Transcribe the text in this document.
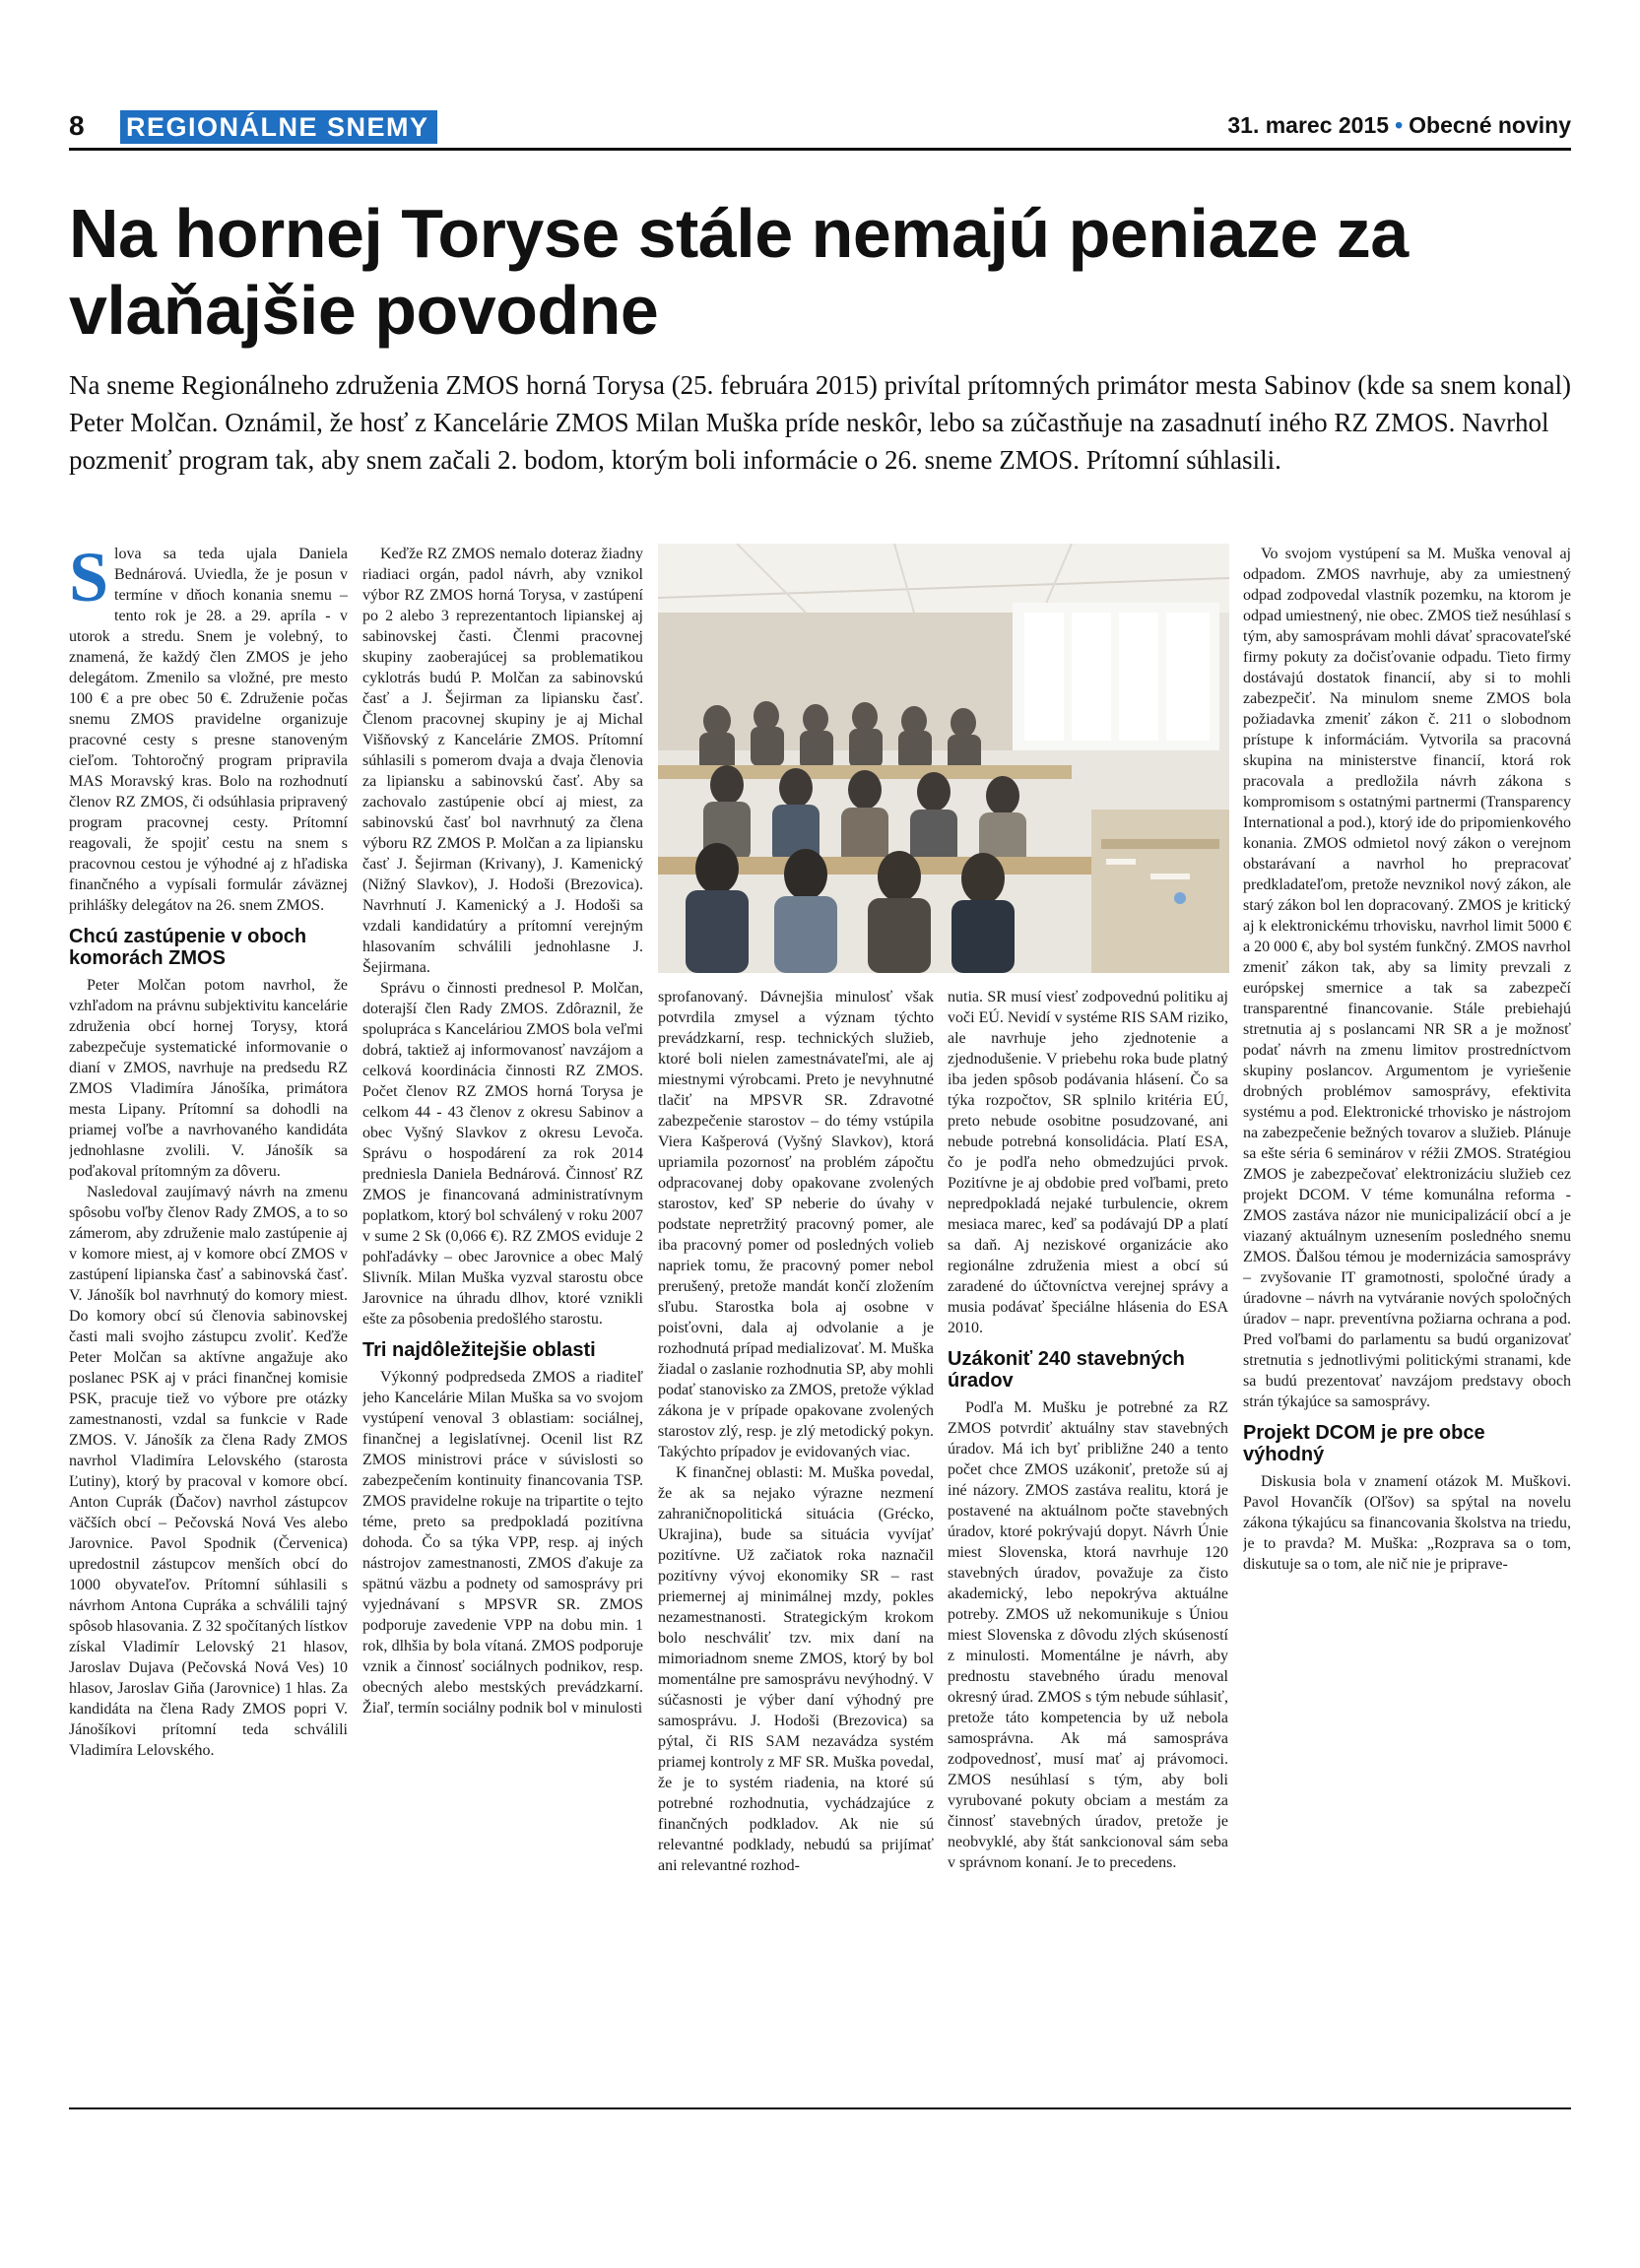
8 REGIONÁLNE SNEMY	31. marec 2015 • Obecné noviny
Na hornej Toryse stále nemajú peniaze za vlaňajšie povodne

Na sneme Regionálneho združenia ZMOS horná Torysa (25. februára 2015) privítal prítomných primátor mesta Sabinov (kde sa snem konal) Peter Molčan. Oznámil, že hosť z Kancelárie ZMOS Milan Muška príde neskôr, lebo sa zúčastňuje na zasadnutí iného RZ ZMOS. Navrhol pozmeniť program tak, aby snem začali 2. bodom, ktorým boli informácie o 26. sneme ZMOS. Prítomní súhlasili.

Slova sa teda ujala Daniela Bednárová. Uviedla, že je posun v termíne v dňoch konania snemu – tento rok je 28. a 29. apríla - v utorok a stredu. Snem je volebný, to znamená, že každý člen ZMOS je jeho delegátom. Zmenilo sa vložné, pre mesto 100 € a pre obec 50 €. Združenie počas snemu ZMOS pravidelne organizuje pracovné cesty s presne stanoveným cieľom. Tohtoročný program pripravila MAS Moravský kras. Bolo na rozhodnutí členov RZ ZMOS, či odsúhlasia pripravený program pracovnej cesty. Prítomní reagovali, že spojiť cestu na snem s pracovnou cestou je výhodné aj z hľadiska finančného a vypísali formulár záväznej prihlášky delegátov na 26. snem ZMOS.

Chcú zastúpenie v oboch komorách ZMOS

Peter Molčan potom navrhol, že vzhľadom na právnu subjektivitu kancelárie združenia obcí hornej Torysy, ktorá zabezpečuje systematické informovanie o dianí v ZMOS, navrhuje na predsedu RZ ZMOS Vladimíra Jánošíka, primátora mesta Lipany. Prítomní sa dohodli na priamej voľbe a navrhovaného kandidáta jednohlasne zvolili. V. Jánošík sa poďakoval prítomným za dôveru.

Nasledoval zaujímavý návrh na zmenu spôsobu voľby členov Rady ZMOS, a to so zámerom, aby združenie malo zastúpenie aj v komore miest, aj v komore obcí ZMOS v zastúpení lipianska časť a sabinovská časť. V. Jánošík bol navrhnutý do komory miest. Do komory obcí sú členovia sabinovskej časti mali svojho zástupcu zvoliť. Keďže Peter Molčan sa aktívne angažuje ako poslanec PSK aj v práci finančnej komisie PSK, pracuje tiež vo výbore pre otázky zamestnanosti, vzdal sa funkcie v Rade ZMOS. V. Jánošík za člena Rady ZMOS navrhol Vladimíra Lelovského (starosta Ľutiny), ktorý by pracoval v komore obcí. Anton Cuprák (Ďačov) navrhol zástupcov väčších obcí – Pečovská Nová Ves alebo Jarovnice. Pavol Spodnik (Červenica) upredostnil zástupcov menších obcí do 1000 obyvateľov. Prítomní súhlasili s návrhom Antona Cupráka a schválili tajný spôsob hlasovania. Z 32 spočítaných lístkov získal Vladimír Lelovský 21 hlasov, Jaroslav Dujava (Pečovská Nová Ves) 10 hlasov, Jaroslav Giňa (Jarovnice) 1 hlas. Za kandidáta na člena Rady ZMOS popri V. Jánošíkovi prítomní teda schválili Vladimíra Lelovského.

Keďže RZ ZMOS nemalo doteraz žiadny riadiaci orgán, padol návrh, aby vznikol výbor RZ ZMOS horná Torysa, v zastúpení po 2 alebo 3 reprezentantoch lipianskej aj sabinovskej časti. Členmi pracovnej skupiny zaoberajúcej sa problematikou cyklotrás budú P. Molčan za sabinovskú časť a J. Šejirman za lipiansku časť. Členom pracovnej skupiny je aj Michal Višňovský z Kancelárie ZMOS. Prítomní súhlasili s pomerom dvaja a dvaja členovia za lipiansku a sabinovskú časť. Aby sa zachovalo zastúpenie obcí aj miest, za sabinovskú časť bol navrhnutý za člena výboru RZ ZMOS P. Molčan a za lipiansku časť J. Šejirman (Krivany), J. Kamenický (Nižný Slavkov), J. Hodoši (Brezovica). Navrhnutí J. Kamenický a J. Hodoši sa vzdali kandidatúry a prítomní verejným hlasovaním schválili jednohlasne J. Šejirmana.

Správu o činnosti prednesol P. Molčan, doterajší člen Rady ZMOS. Zdôraznil, že spolupráca s Kanceláriou ZMOS bola veľmi dobrá, taktiež aj informovanosť navzájom a celková koordinácia činnosti RZ ZMOS. Počet členov RZ ZMOS horná Torysa je celkom 44 - 43 členov z okresu Sabinov a obec Vyšný Slavkov z okresu Levoča. Správu o hospodárení za rok 2014 predniesla Daniela Bednárová. Činnosť RZ ZMOS je financovaná administratívnym poplatkom, ktorý bol schválený v roku 2007 v sume 2 Sk (0,066 €). RZ ZMOS eviduje 2 pohľadávky – obec Jarovnice a obec Malý Slivník. Milan Muška vyzval starostu obce Jarovnice na úhradu dlhov, ktoré vznikli ešte za pôsobenia predošlého starostu.

Tri najdôležitejšie oblasti

Výkonný podpredseda ZMOS a riaditeľ jeho Kancelárie Milan Muška sa vo svojom vystúpení venoval 3 oblastiam: sociálnej, finančnej a legislatívnej. Ocenil list RZ ZMOS ministrovi práce v súvislosti so zabezpečením kontinuity financovania TSP. ZMOS pravidelne rokuje na tripartite o tejto téme, preto sa predpokladá pozitívna dohoda. Čo sa týka VPP, resp. aj iných nástrojov zamestnanosti, ZMOS ďakuje za spätnú väzbu a podnety od samosprávy pri vyjednávaní s MPSVR SR. ZMOS podporuje zavedenie VPP na dobu min. 1 rok, dlhšia by bola vítaná. ZMOS podporuje vznik a činnosť sociálnych podnikov, resp. obecných alebo mestských prevádzkarní. Žiaľ, termín sociálny podnik bol v minulosti

sprofanovaný. Dávnejšia minulosť však potvrdila zmysel a význam týchto prevádzkarní, resp. technických služieb, ktoré boli nielen zamestnávateľmi, ale aj miestnymi výrobcami. Preto je nevyhnutné tlačiť na MPSVR SR. Zdravotné zabezpečenie starostov – do témy vstúpila Viera Kašperová (Vyšný Slavkov), ktorá upriamila pozornosť na problém zápočtu odpracovanej doby opakovane zvolených starostov, keď SP neberie do úvahy v podstate nepretržitý pracovný pomer, ale iba pracovný pomer od posledných volieb napriek tomu, že pracovný pomer nebol prerušený, pretože mandát končí zložením sľubu. Starostka bola aj osobne v poisťovni, dala aj odvolanie a je rozhodnutá prípad medializovať. M. Muška žiadal o zaslanie rozhodnutia SP, aby mohli podať stanovisko za ZMOS, pretože výklad zákona je v prípade opakovane zvolených starostov zlý, resp. je zlý metodický pokyn. Takýchto prípadov je evidovaných viac.

K finančnej oblasti: M. Muška povedal, že ak sa nejako výrazne nezmení zahraničnopolitická situácia (Grécko, Ukrajina), bude sa situácia vyvíjať pozitívne. Už začiatok roka naznačil pozitívny vývoj ekonomiky SR – rast priemernej aj minimálnej mzdy, pokles nezamestnanosti. Strategickým krokom bolo neschváliť tzv. mix daní na mimoriadnom sneme ZMOS, ktorý by bol momentálne pre samosprávu nevýhodný. V súčasnosti je výber daní výhodný pre samosprávu. J. Hodoši (Brezovica) sa pýtal, či RIS SAM nezavádza systém priamej kontroly z MF SR. Muška povedal, že je to systém riadenia, na ktoré sú potrebné rozhodnutia, vychádzajúce z finančných podkladov. Ak nie sú relevantné podklady, nebudú sa prijímať ani relevantné rozhod-

nutia. SR musí viesť zodpovednú politiku aj voči EÚ. Nevidí v systéme RIS SAM riziko, ale navrhuje jeho zjednotenie a zjednodušenie. V priebehu roka bude platný iba jeden spôsob podávania hlásení. Čo sa týka rozpočtov, SR splnilo kritéria EÚ, preto nebude osobitne posudzované, ani nebude potrebná konsolidácia. Platí ESA, čo je podľa neho obmedzujúci prvok. Pozitívne je aj obdobie pred voľbami, preto nepredpokladá nejaké turbulencie, okrem mesiaca marec, keď sa podávajú DP a platí sa daň. Aj neziskové organizácie ako regionálne združenia miest a obcí sú zaradené do účtovníctva verejnej správy a musia podávať špeciálne hlásenia do ESA 2010.

Uzákoniť 240 stavebných úradov

Podľa M. Mušku je potrebné za RZ ZMOS potvrdiť aktuálny stav stavebných úradov. Má ich byť približne 240 a tento počet chce ZMOS uzákoniť, pretože sú aj iné názory. ZMOS zastáva realitu, ktorá je postavené na aktuálnom počte stavebných úradov, ktoré pokrývajú dopyt. Návrh Únie miest Slovenska, ktorá navrhuje 120 stavebných úradov, považuje za čisto akademický, lebo nepokrýva aktuálne potreby. ZMOS už nekomunikuje s Úniou miest Slovenska z dôvodu zlých skúseností z minulosti. Momentálne je návrh, aby prednostu stavebného úradu menoval okresný úrad. ZMOS s tým nebude súhlasiť, pretože táto kompetencia by už nebola samosprávna. Ak má samospráva zodpovednosť, musí mať aj právomoci. ZMOS nesúhlasí s tým, aby boli vyrubované pokuty obciam a mestám za činnosť stavebných úradov, pretože je neobvyklé, aby štát sankcionoval sám seba v správnom konaní. Je to precedens.

Vo svojom vystúpení sa M. Muška venoval aj odpadom. ZMOS navrhuje, aby za umiestnený odpad zodpovedal vlastník pozemku, na ktorom je odpad umiestnený, nie obec. ZMOS tiež nesúhlasí s tým, aby samosprávam mohli dávať spracovateľské firmy pokuty za dočisťovanie odpadu. Tieto firmy dostávajú dostatok financií, aby si to mohli zabezpečiť. Na minulom sneme ZMOS bola požiadavka zmeniť zákon č. 211 o slobodnom prístupe k informáciám. Vytvorila sa pracovná skupina na ministerstve financií, ktorá rok pracovala a predložila návrh zákona s kompromisom s ostatnými partnermi (Transparency International a pod.), ktorý ide do pripomienkového konania. ZMOS odmietol nový zákon o verejnom obstarávaní a navrhol ho prepracovať predkladateľom, pretože nevznikol nový zákon, ale starý zákon bol len dopracovaný. ZMOS je kritický aj k elektronickému trhovisku, navrhol limit 5000 € a 20 000 €, aby bol systém funkčný. ZMOS navrhol zmeniť zákon tak, aby sa limity prevzali z európskej smernice a tak sa zabezpečí transparentné financovanie. Stále prebiehajú stretnutia aj s poslancami NR SR a je možnosť podať návrh na zmenu limitov prostredníctvom skupiny poslancov. Argumentom je vyriešenie drobných problémov samosprávy, efektivita systému a pod. Elektronické trhovisko je nástrojom na zabezpečenie bežných tovarov a služieb. Plánuje sa ešte séria 6 seminárov v réžii ZMOS. Stratégiou ZMOS je zabezpečovať elektronizáciu služieb cez projekt DCOM. V téme komunálna reforma - ZMOS zastáva názor nie municipalizácií obcí a je viazaný aktuálnym uznesením posledného snemu ZMOS. Ďalšou témou je modernizácia samosprávy – zvyšovanie IT gramotnosti, spoločné úrady a úradovne – návrh na vytváranie nových spoločných úradov – napr. preventívna požiarna ochrana a pod. Pred voľbami do parlamentu sa budú organizovať stretnutia s jednotlivými politickými stranami, kde sa budú prezentovať navzájom predstavy oboch strán týkajúce sa samosprávy.

Projekt DCOM je pre obce výhodný

Diskusia bola v znamení otázok M. Muškovi. Pavol Hovančík (Oľšov) sa spýtal na novelu zákona týkajúcu sa financovania školstva na triedu, je to pravda? M. Muška: „Rozprava sa o tom, diskutuje sa o tom, ale nič nie je priprave-
